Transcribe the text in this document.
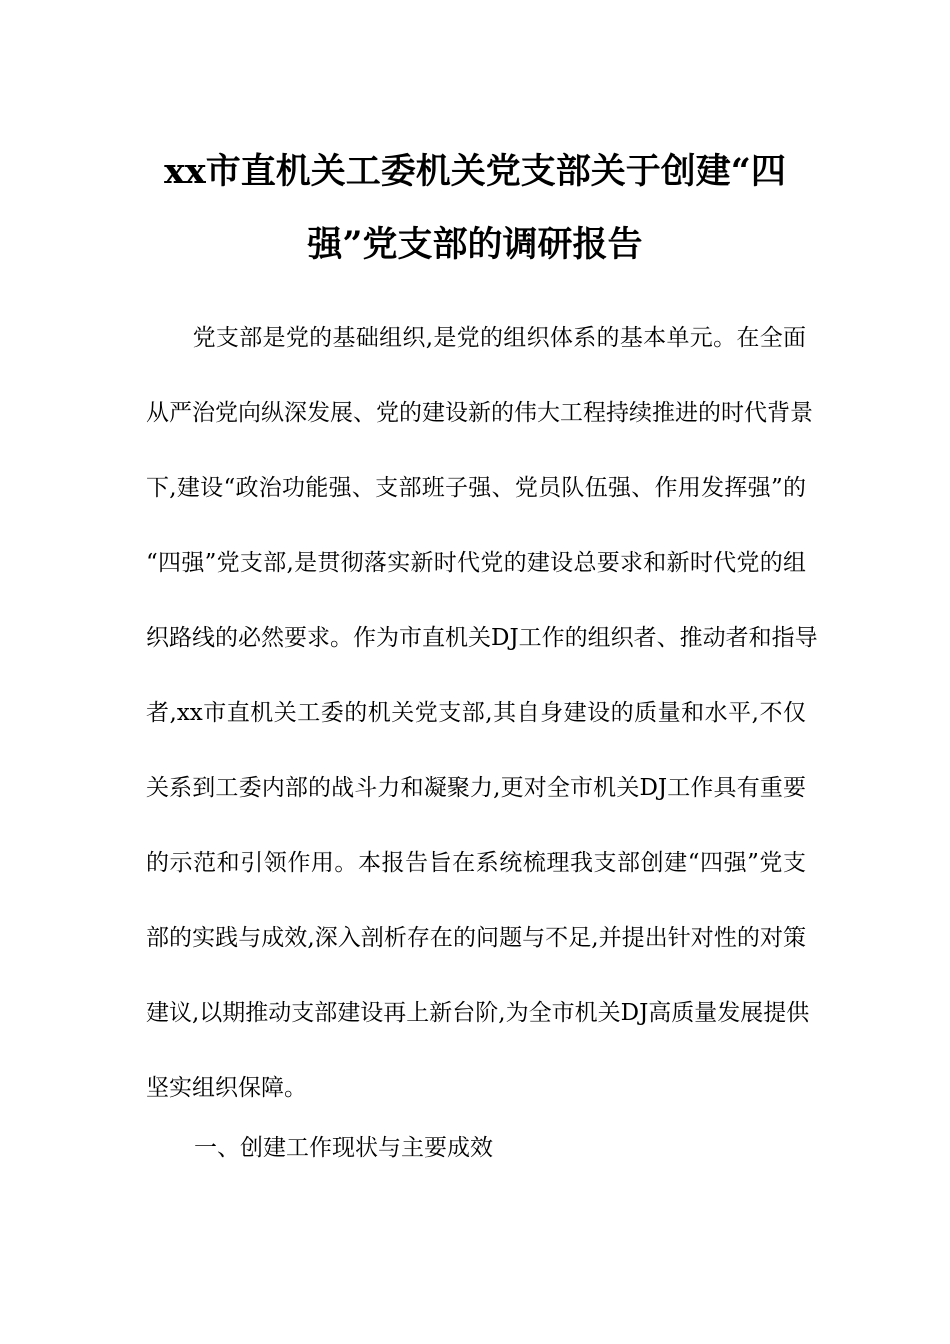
xx市直机关工委机关党支部关于创建“四
强”党支部的调研报告
　　党支部是党的基础组织,是党的组织体系的基本单元。在全面
从严治党向纵深发展、党的建设新的伟大工程持续推进的时代背景
下,建设“政治功能强、支部班子强、党员队伍强、作用发挥强”的
“四强”党支部,是贯彻落实新时代党的建设总要求和新时代党的组
织路线的必然要求。作为市直机关DJ工作的组织者、推动者和指导
者,xx市直机关工委的机关党支部,其自身建设的质量和水平,不仅
关系到工委内部的战斗力和凝聚力,更对全市机关DJ工作具有重要
的示范和引领作用。本报告旨在系统梳理我支部创建“四强”党支
部的实践与成效,深入剖析存在的问题与不足,并提出针对性的对策
建议,以期推动支部建设再上新台阶,为全市机关DJ高质量发展提供
坚实组织保障。
一、创建工作现状与主要成效
